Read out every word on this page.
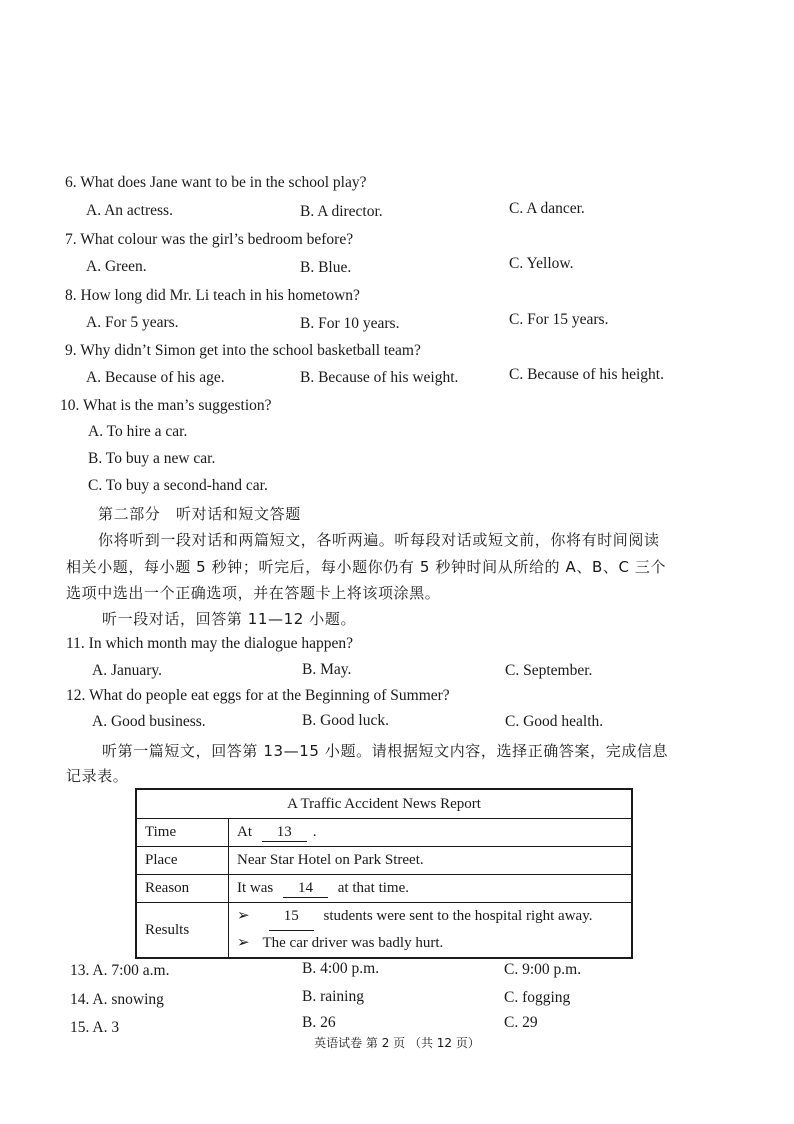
6. What does Jane want to be in the school play?
A. An actress.	B. A director.	C. A dancer.
7. What colour was the girl’s bedroom before?
A. Green.	B. Blue.	C. Yellow.
8. How long did Mr. Li teach in his hometown?
A. For 5 years.	B. For 10 years.	C. For 15 years.
9. Why didn’t Simon get into the school basketball team?
A. Because of his age.	B. Because of his weight.	C. Because of his height.
10. What is the man’s suggestion?
A. To hire a car.
B. To buy a new car.
C. To buy a second-hand car.
第二部分　听对话和短文答题
你将听到一段对话和两篇短文，各听两遍。听每段对话或短文前，你将有时间阅读
相关小题，每小题 5 秒钟；听完后，每小题你仍有 5 秒钟时间从所给的 A、B、C 三个
选项中选出一个正确选项，并在答题卡上将该项涂黑。
听一段对话，回答第 11—12 小题。
11. In which month may the dialogue happen?
A. January.	B. May.	C. September.
12. What do people eat eggs for at the Beginning of Summer?
A. Good business.	B. Good luck.	C. Good health.
听第一篇短文，回答第 13—15 小题。请根据短文内容，选择正确答案，完成信息
记录表。
A Traffic Accident News Report	
Time	At 13 .
Place	Near Star Hotel on Park Street.
Reason	It was 14 at that time.
Results	➢ 15 students were sent to the hospital right away.
➢ The car driver was badly hurt.
13. A. 7:00 a.m.	B. 4:00 p.m.	C. 9:00 p.m.
14. A. snowing	B. raining	C. fogging
15. A. 3	B. 26	C. 29
英语试卷 第 2 页 （共 12 页）
